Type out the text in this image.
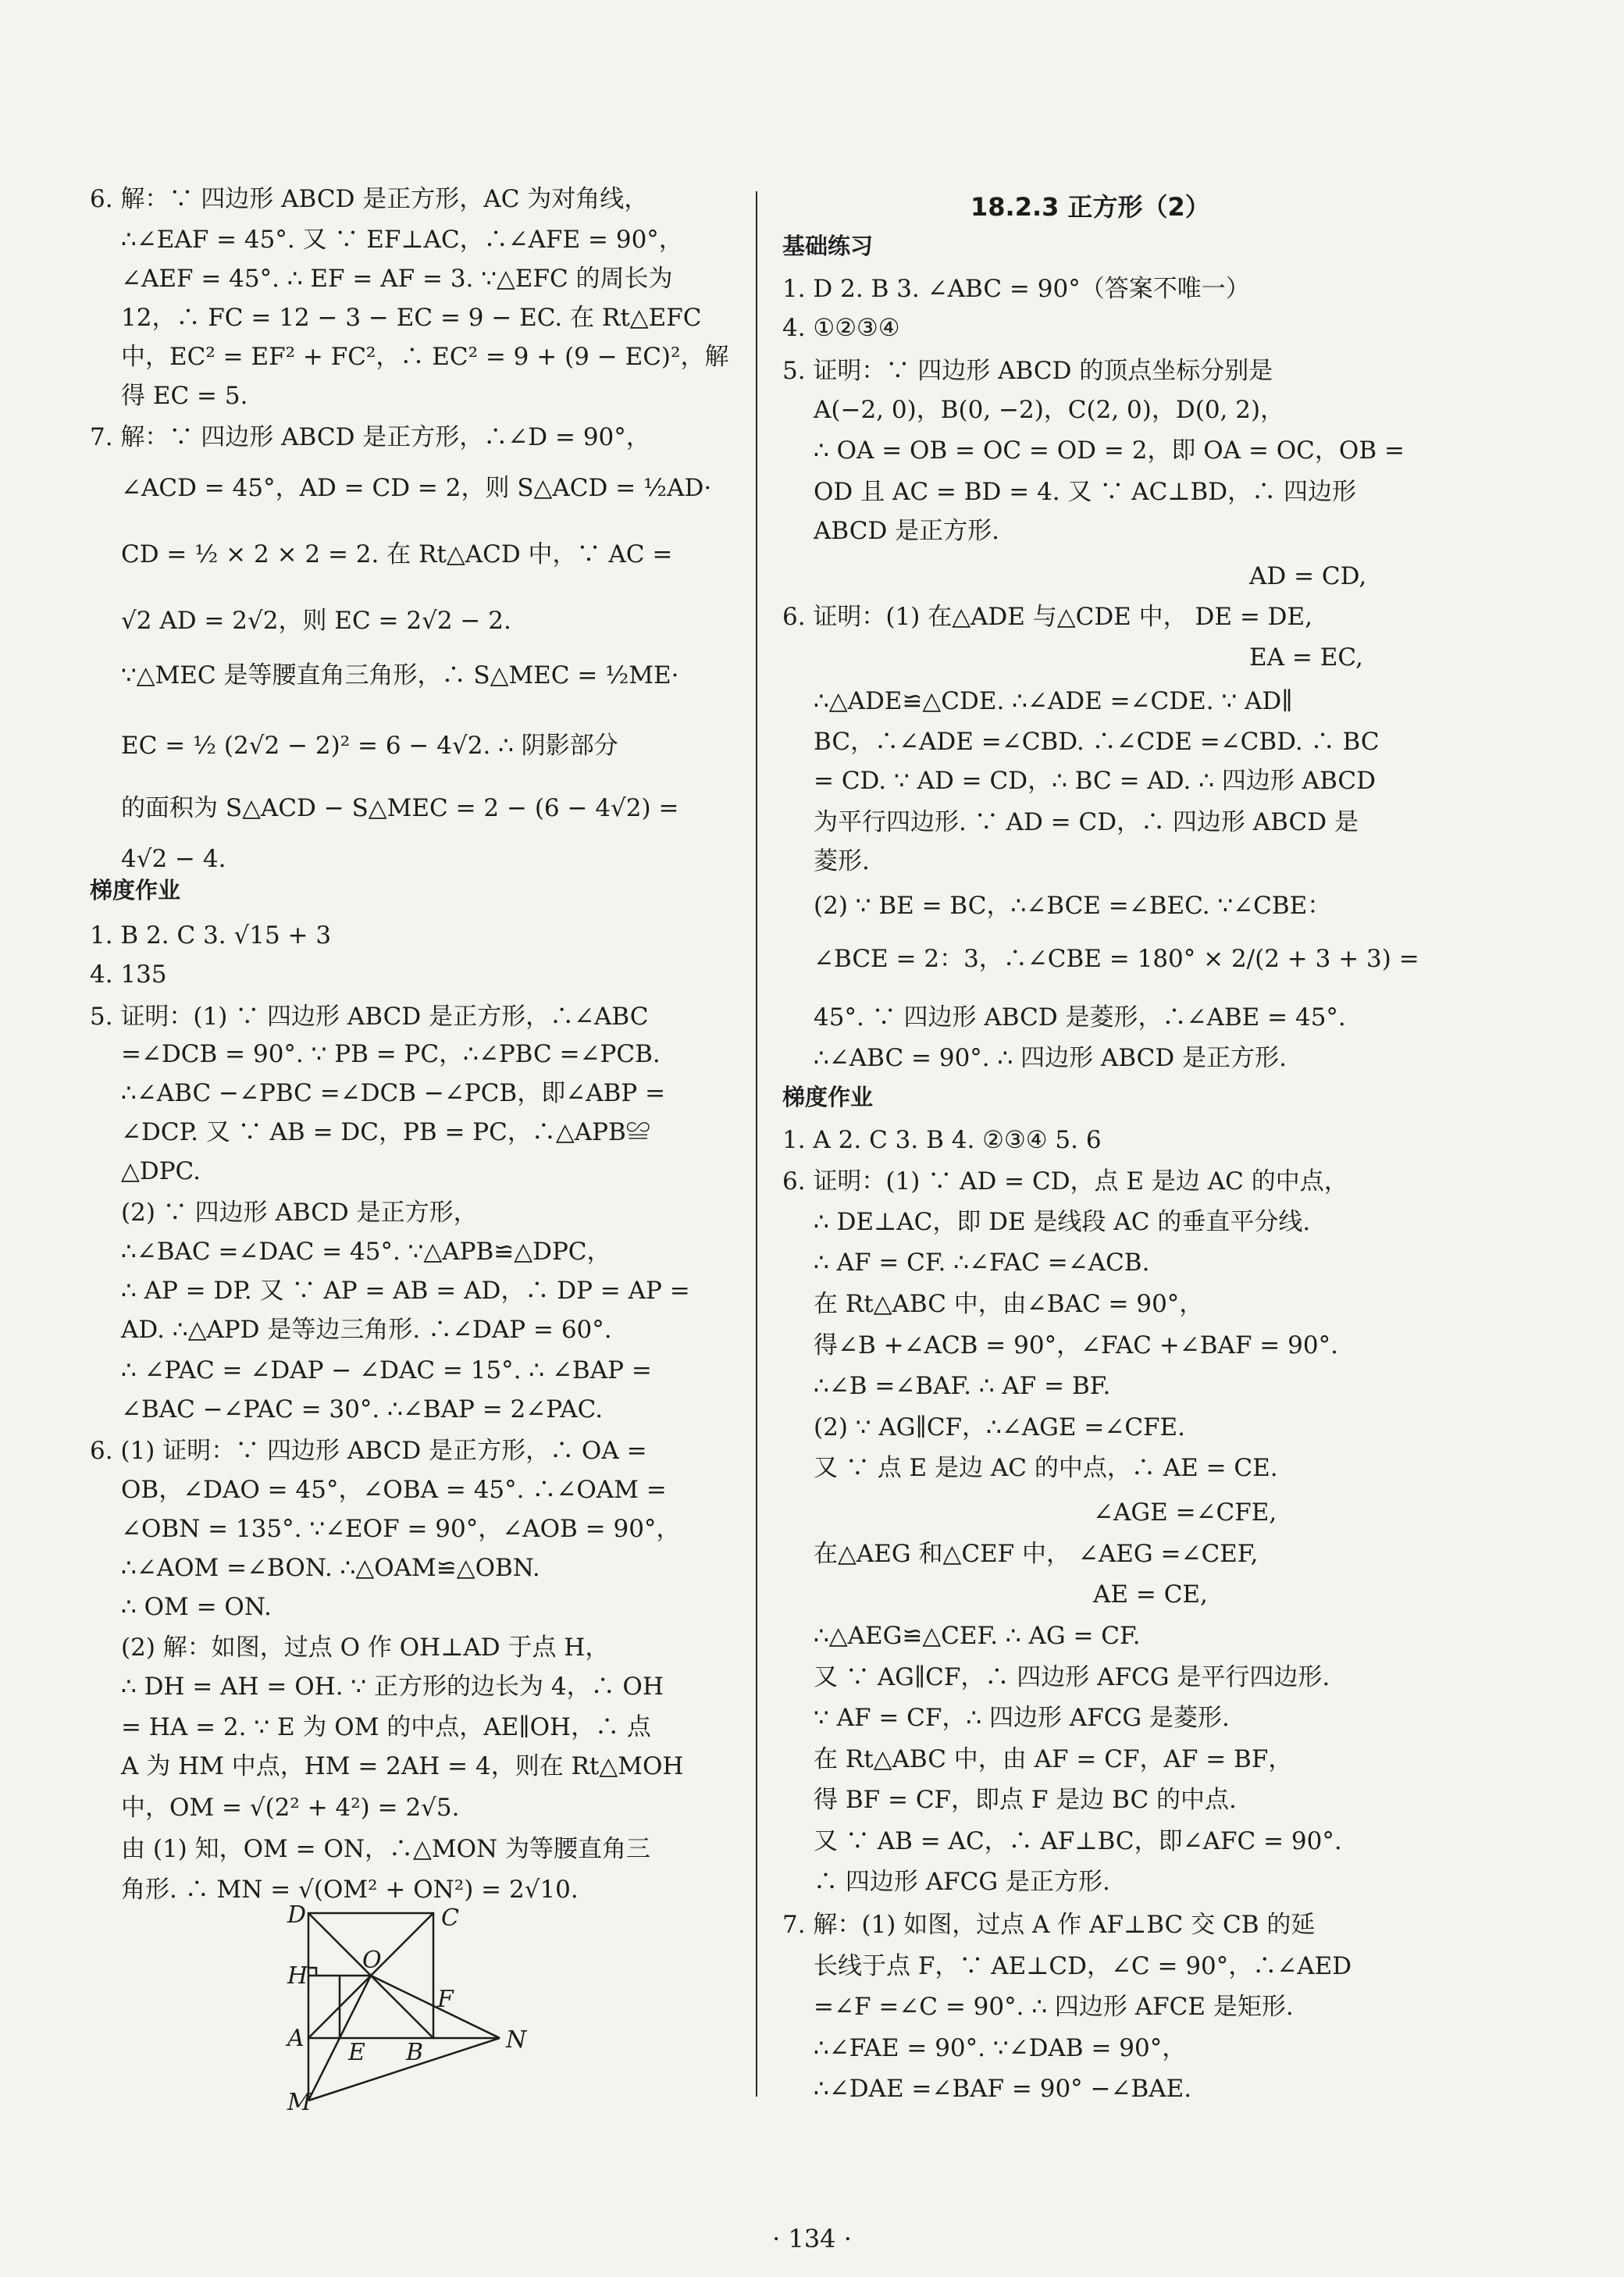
6. 解：∵ 四边形 ABCD 是正方形，AC 为对角线，
∴∠EAF = 45°. 又 ∵ EF⊥AC，∴∠AFE = 90°，
∠AEF = 45°. ∴ EF = AF = 3. ∵△EFC 的周长为
12，∴ FC = 12 − 3 − EC = 9 − EC. 在 Rt△EFC
中，EC² = EF² + FC²，∴ EC² = 9 + (9 − EC)²，解
得 EC = 5.
7. 解：∵ 四边形 ABCD 是正方形，∴∠D = 90°，
∠ACD = 45°，AD = CD = 2，则 S△ACD = ½AD·
CD = ½ × 2 × 2 = 2. 在 Rt△ACD 中，∵ AC =
√2 AD = 2√2，则 EC = 2√2 − 2.
∵△MEC 是等腰直角三角形，∴ S△MEC = ½ME·
EC = ½ (2√2 − 2)² = 6 − 4√2. ∴ 阴影部分
的面积为 S△ACD − S△MEC = 2 − (6 − 4√2) =
4√2 − 4.
梯度作业
1. B 2. C 3. √15 + 3
4. 135
5. 证明：(1) ∵ 四边形 ABCD 是正方形，∴∠ABC
=∠DCB = 90°. ∵ PB = PC，∴∠PBC =∠PCB.
∴∠ABC −∠PBC =∠DCB −∠PCB，即∠ABP =
∠DCP. 又 ∵ AB = DC，PB = PC，∴△APB≌
△DPC.
(2) ∵ 四边形 ABCD 是正方形，
∴∠BAC =∠DAC = 45°. ∵△APB≌△DPC，
∴ AP = DP. 又 ∵ AP = AB = AD，∴ DP = AP =
AD. ∴△APD 是等边三角形. ∴∠DAP = 60°.
∴ ∠PAC = ∠DAP − ∠DAC = 15°. ∴ ∠BAP =
∠BAC −∠PAC = 30°. ∴∠BAP = 2∠PAC.
6. (1) 证明：∵ 四边形 ABCD 是正方形，∴ OA =
OB，∠DAO = 45°，∠OBA = 45°. ∴∠OAM =
∠OBN = 135°. ∵∠EOF = 90°，∠AOB = 90°，
∴∠AOM =∠BON. ∴△OAM≌△OBN.
∴ OM = ON.
(2) 解：如图，过点 O 作 OH⊥AD 于点 H，
∴ DH = AH = OH. ∵ 正方形的边长为 4，∴ OH
= HA = 2. ∵ E 为 OM 的中点，AE∥OH，∴ 点
A 为 HM 中点，HM = 2AH = 4，则在 Rt△MOH
中，OM = √(2² + 4²) = 2√5.
由 (1) 知，OM = ON，∴△MON 为等腰直角三
角形. ∴ MN = √(OM² + ON²) = 2√10.
D	C
H
O
F
A
E B	N
M
18.2.3 正方形（2）
基础练习
1. D 2. B 3. ∠ABC = 90°（答案不唯一）
4. ①②③④
5. 证明：∵ 四边形 ABCD 的顶点坐标分别是
A(−2, 0)，B(0, −2)，C(2, 0)，D(0, 2)，
∴ OA = OB = OC = OD = 2，即 OA = OC，OB =
OD 且 AC = BD = 4. 又 ∵ AC⊥BD，∴ 四边形
ABCD 是正方形.
AD = CD,
6. 证明：(1) 在△ADE 与△CDE 中， DE = DE,
EA = EC,
∴△ADE≌△CDE. ∴∠ADE =∠CDE. ∵ AD∥
BC，∴∠ADE =∠CBD. ∴∠CDE =∠CBD. ∴ BC
= CD. ∵ AD = CD，∴ BC = AD. ∴ 四边形 ABCD
为平行四边形. ∵ AD = CD，∴ 四边形 ABCD 是
菱形.
(2) ∵ BE = BC，∴∠BCE =∠BEC. ∵∠CBE：
∠BCE = 2：3，∴∠CBE = 180° × 2/(2 + 3 + 3) =
45°. ∵ 四边形 ABCD 是菱形，∴∠ABE = 45°.
∴∠ABC = 90°. ∴ 四边形 ABCD 是正方形.
梯度作业
1. A 2. C 3. B 4. ②③④ 5. 6
6. 证明：(1) ∵ AD = CD，点 E 是边 AC 的中点，
∴ DE⊥AC，即 DE 是线段 AC 的垂直平分线.
∴ AF = CF. ∴∠FAC =∠ACB.
在 Rt△ABC 中，由∠BAC = 90°，
得∠B +∠ACB = 90°，∠FAC +∠BAF = 90°.
∴∠B =∠BAF. ∴ AF = BF.
(2) ∵ AG∥CF，∴∠AGE =∠CFE.
又 ∵ 点 E 是边 AC 的中点，∴ AE = CE.
∠AGE =∠CFE,
在△AEG 和△CEF 中， ∠AEG =∠CEF,
AE = CE,
∴△AEG≌△CEF. ∴ AG = CF.
又 ∵ AG∥CF，∴ 四边形 AFCG 是平行四边形.
∵ AF = CF，∴ 四边形 AFCG 是菱形.
在 Rt△ABC 中，由 AF = CF，AF = BF，
得 BF = CF，即点 F 是边 BC 的中点.
又 ∵ AB = AC，∴ AF⊥BC，即∠AFC = 90°.
∴ 四边形 AFCG 是正方形.
7. 解：(1) 如图，过点 A 作 AF⊥BC 交 CB 的延
长线于点 F，∵ AE⊥CD，∠C = 90°，∴∠AED
=∠F =∠C = 90°. ∴ 四边形 AFCE 是矩形.
∴∠FAE = 90°. ∵∠DAB = 90°，
∴∠DAE =∠BAF = 90° −∠BAE.
· 134 ·
